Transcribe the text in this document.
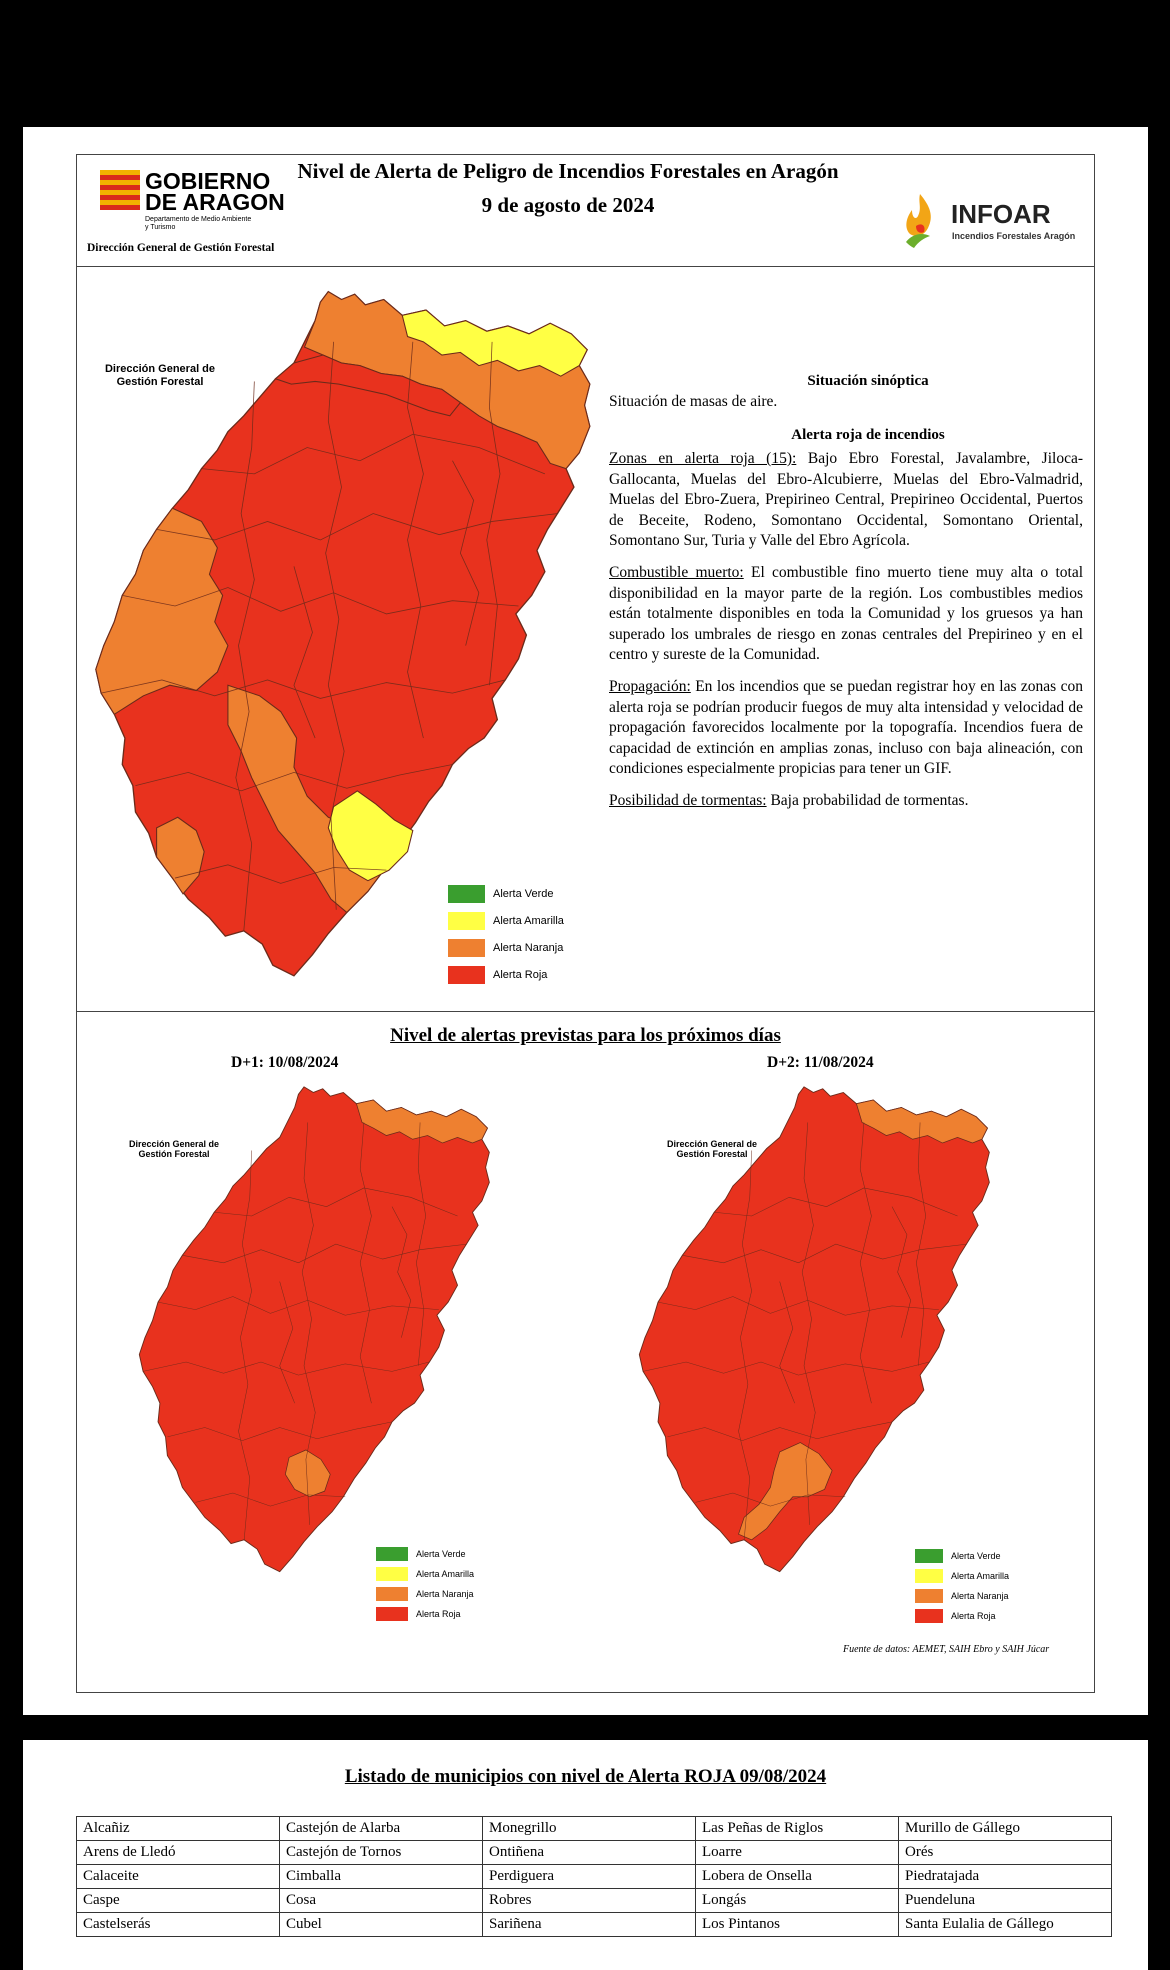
GOBIERNO
DE ARAGON
Departamento de Medio Ambiente
y Turismo
Dirección General de Gestión Forestal
Nivel de Alerta de Peligro de Incendios Forestales en Aragón
9 de agosto de 2024	INFOAR
Incendios Forestales Aragón
Dirección General de
Gestión Forestal
Alerta Verde
Alerta Amarilla
Alerta Naranja
Alerta Roja
Situación sinóptica
Situación de masas de aire.
Alerta roja de incendios

Zonas en alerta roja (15): Bajo Ebro Forestal, Javalambre, Jiloca-Gallocanta, Muelas del Ebro-Alcubierre, Muelas del Ebro-Valmadrid, Muelas del Ebro-Zuera, Prepirineo Central, Prepirineo Occidental, Puertos de Beceite, Rodeno, Somontano Occidental, Somontano Oriental, Somontano Sur, Turia y Valle del Ebro Agrícola.

Combustible muerto: El combustible fino muerto tiene muy alta o total disponibilidad en la mayor parte de la región. Los combustibles medios están totalmente disponibles en toda la Comunidad y los gruesos ya han superado los umbrales de riesgo en zonas centrales del Prepirineo y en el centro y sureste de la Comunidad.

Propagación: En los incendios que se puedan registrar hoy en las zonas con alerta roja se podrían producir fuegos de muy alta intensidad y velocidad de propagación favorecidos localmente por la topografía. Incendios fuera de capacidad de extinción en amplias zonas, incluso con baja alineación, con condiciones especialmente propicias para tener un GIF.

Posibilidad de tormentas: Baja probabilidad de tormentas.

Nivel de alertas previstas para los próximos días
D+1: 10/08/2024	D+2: 11/08/2024
Dirección General de
Gestión Forestal
Alerta Verde
Alerta Amarilla
Alerta Naranja
Alerta Roja
Dirección General de
Gestión Forestal
Alerta Verde
Alerta Amarilla
Alerta Naranja
Alerta Roja
Fuente de datos: AEMET, SAIH Ebro y SAIH Júcar
Listado de municipios con nivel de Alerta ROJA 09/08/2024
Alcañiz	Castejón de Alarba	Monegrillo	Las Peñas de Riglos	Murillo de Gállego
Arens de Lledó	Castejón de Tornos	Ontiñena	Loarre	Orés
Calaceite	Cimballa	Perdiguera	Lobera de Onsella	Piedratajada
Caspe	Cosa	Robres	Longás	Puendeluna
Castelserás	Cubel	Sariñena	Los Pintanos	Santa Eulalia de Gállego
